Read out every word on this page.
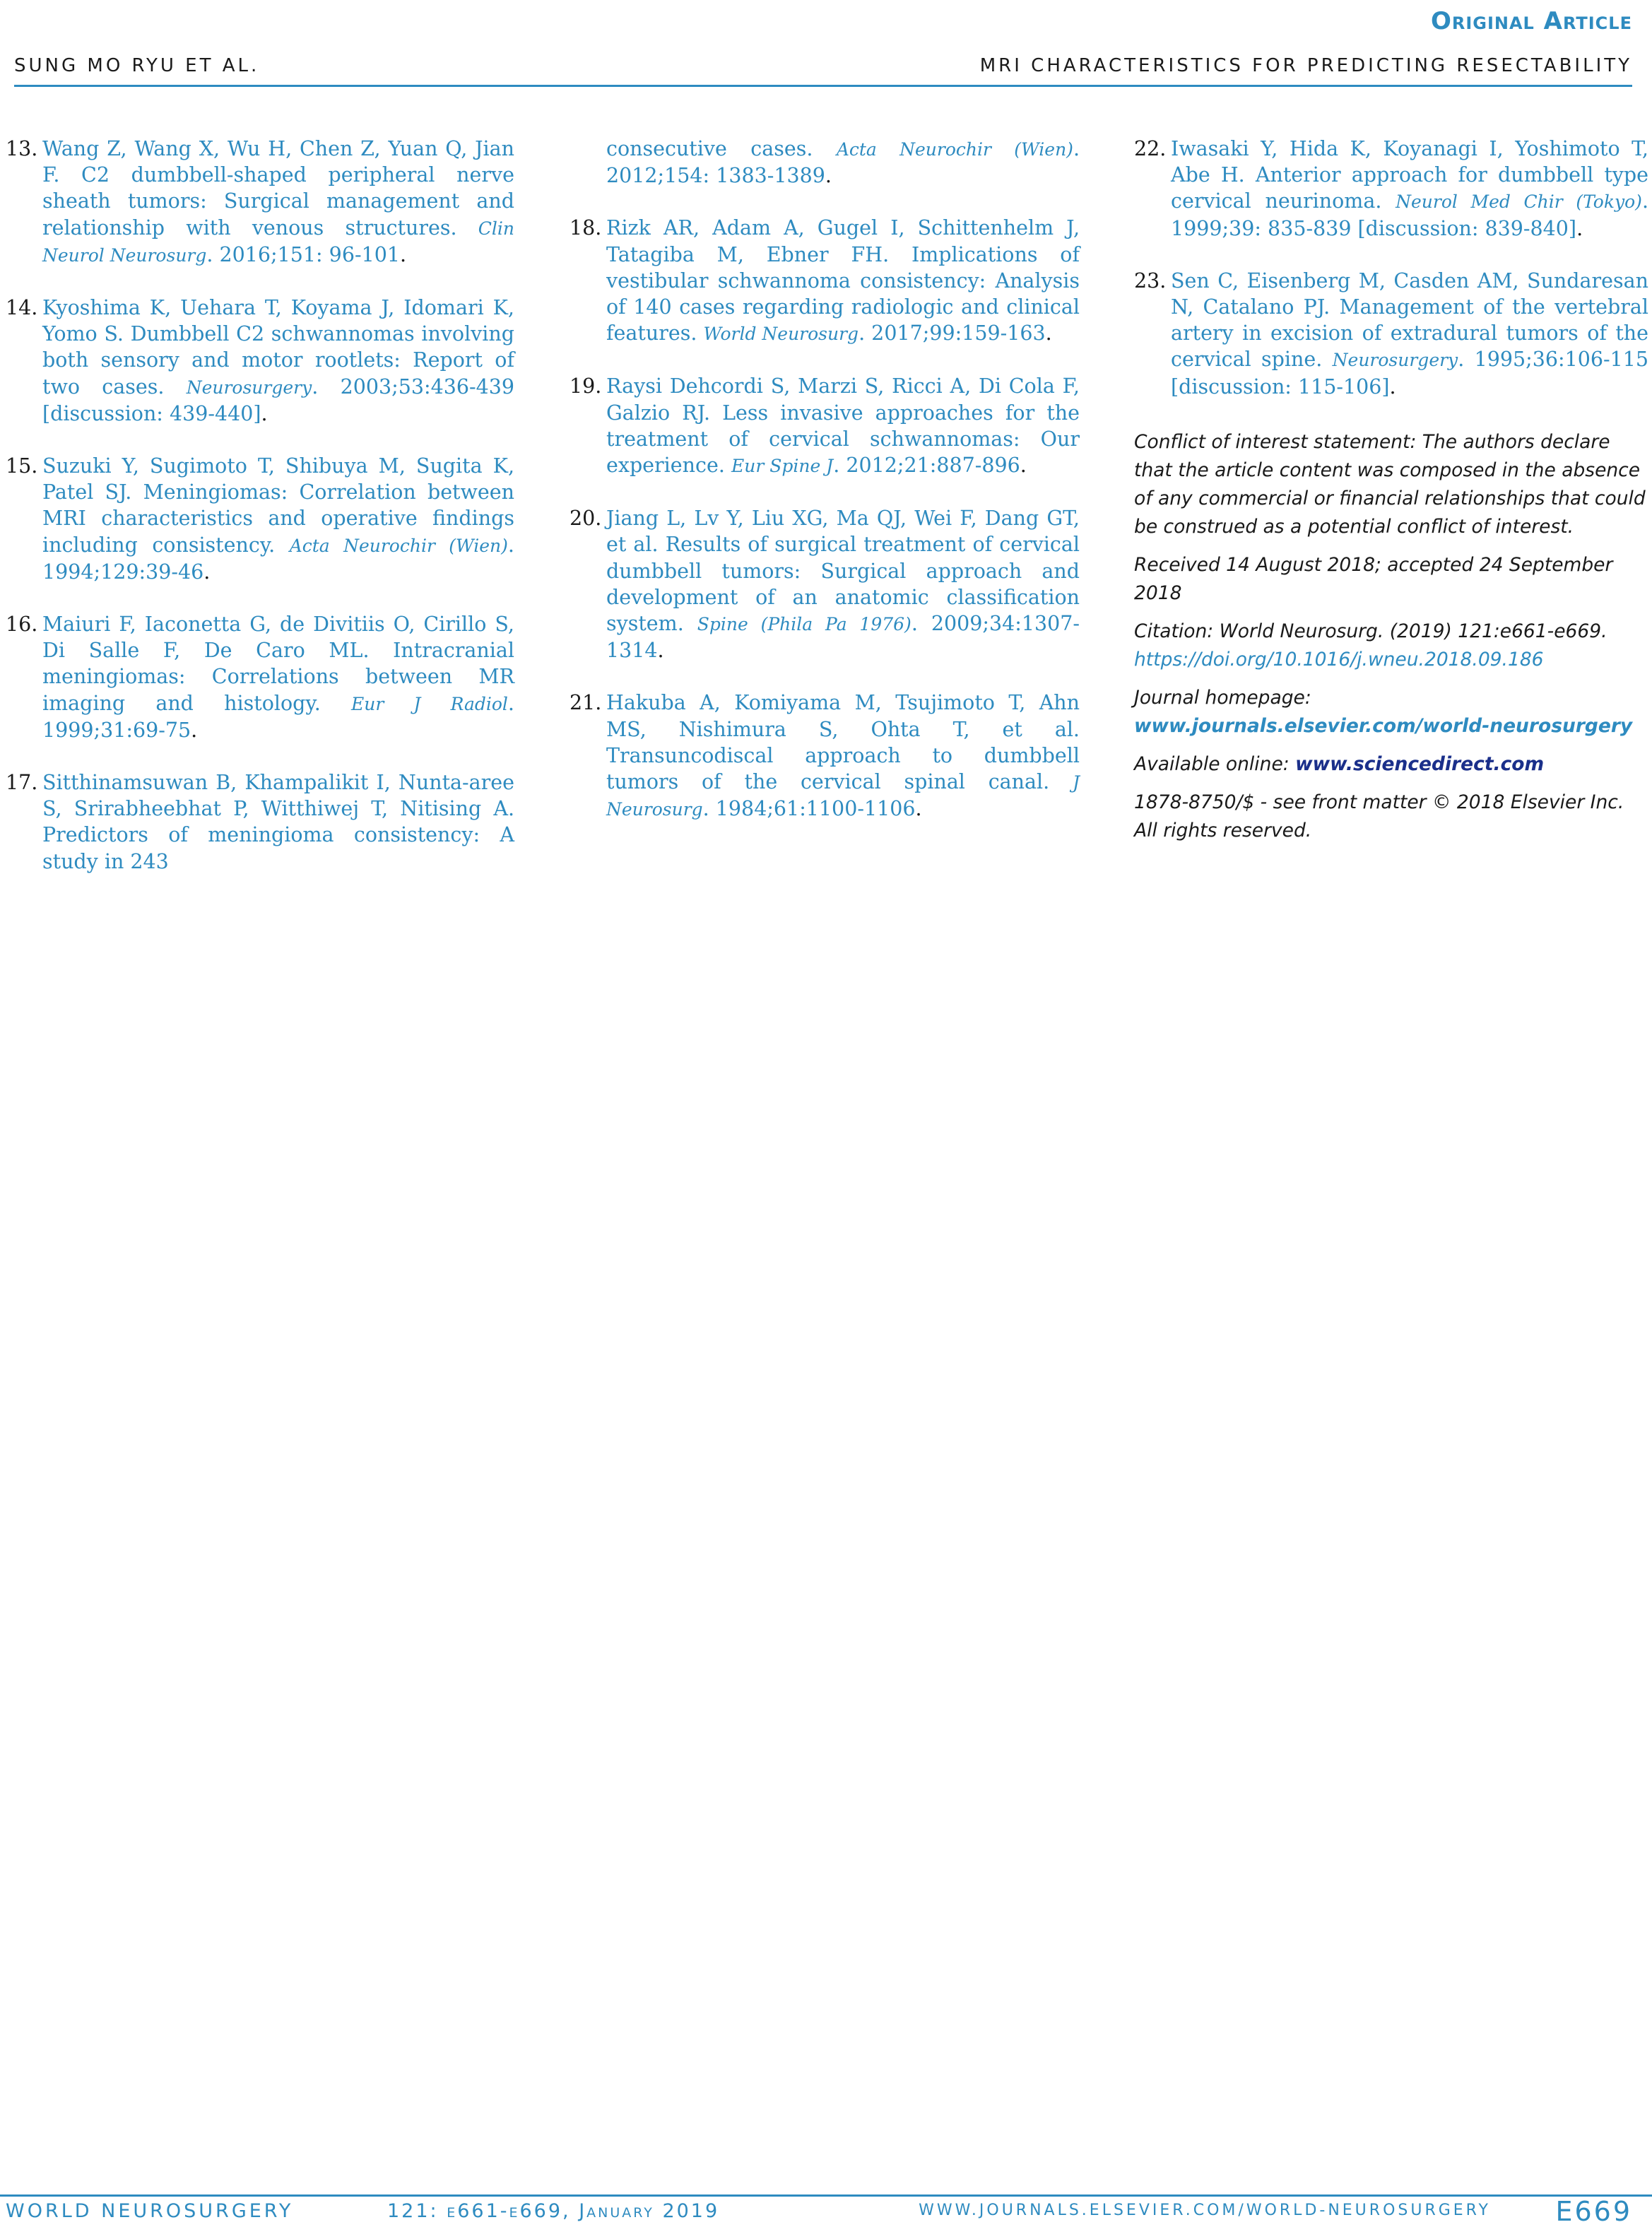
Original Article
SUNG MO RYU ET AL.	MRI CHARACTERISTICS FOR PREDICTING RESECTABILITY
13. Wang Z, Wang X, Wu H, Chen Z, Yuan Q, Jian F. C2 dumbbell-shaped peripheral nerve sheath tumors: Surgical management and relationship with venous structures. Clin Neurol Neurosurg. 2016;151: 96-101.
14. Kyoshima K, Uehara T, Koyama J, Idomari K, Yomo S. Dumbbell C2 schwannomas involving both sensory and motor rootlets: Report of two cases. Neurosurgery. 2003;53:436-439 [discussion: 439-440].
15. Suzuki Y, Sugimoto T, Shibuya M, Sugita K, Patel SJ. Meningiomas: Correlation between MRI characteristics and operative findings including consistency. Acta Neurochir (Wien). 1994;129:39-46.
16. Maiuri F, Iaconetta G, de Divitiis O, Cirillo S, Di Salle F, De Caro ML. Intracranial meningiomas: Correlations between MR imaging and histology. Eur J Radiol. 1999;31:69-75.
17. Sitthinamsuwan B, Khampalikit I, Nunta-aree S, Srirabheebhat P, Witthiwej T, Nitising A. Predictors of meningioma consistency: A study in 243
consecutive cases. Acta Neurochir (Wien). 2012;154: 1383-1389.
18. Rizk AR, Adam A, Gugel I, Schittenhelm J, Tatagiba M, Ebner FH. Implications of vestibular schwannoma consistency: Analysis of 140 cases regarding radiologic and clinical features. World Neurosurg. 2017;99:159-163.
19. Raysi Dehcordi S, Marzi S, Ricci A, Di Cola F, Galzio RJ. Less invasive approaches for the treatment of cervical schwannomas: Our experience. Eur Spine J. 2012;21:887-896.
20. Jiang L, Lv Y, Liu XG, Ma QJ, Wei F, Dang GT, et al. Results of surgical treatment of cervical dumbbell tumors: Surgical approach and development of an anatomic classification system. Spine (Phila Pa 1976). 2009;34:1307-1314.
21. Hakuba A, Komiyama M, Tsujimoto T, Ahn MS, Nishimura S, Ohta T, et al. Transuncodiscal approach to dumbbell tumors of the cervical spinal canal. J Neurosurg. 1984;61:1100-1106.
22. Iwasaki Y, Hida K, Koyanagi I, Yoshimoto T, Abe H. Anterior approach for dumbbell type cervical neurinoma. Neurol Med Chir (Tokyo). 1999;39: 835-839 [discussion: 839-840].
23. Sen C, Eisenberg M, Casden AM, Sundaresan N, Catalano PJ. Management of the vertebral artery in excision of extradural tumors of the cervical spine. Neurosurgery. 1995;36:106-115 [discussion: 115-106].

Conflict of interest statement: The authors declare that the article content was composed in the absence of any commercial or financial relationships that could be construed as a potential conflict of interest.

Received 14 August 2018; accepted 24 September 2018

Citation: World Neurosurg. (2019) 121:e661-e669.
https://doi.org/10.1016/j.wneu.2018.09.186

Journal homepage: www.journals.elsevier.com/world-neurosurgery

Available online: www.sciencedirect.com

1878-8750/$ - see front matter © 2018 Elsevier Inc. All rights reserved.

WORLD NEUROSURGERY	121: e661-e669, January 2019	WWW.JOURNALS.ELSEVIER.COM/WORLD-NEUROSURGERY E669
